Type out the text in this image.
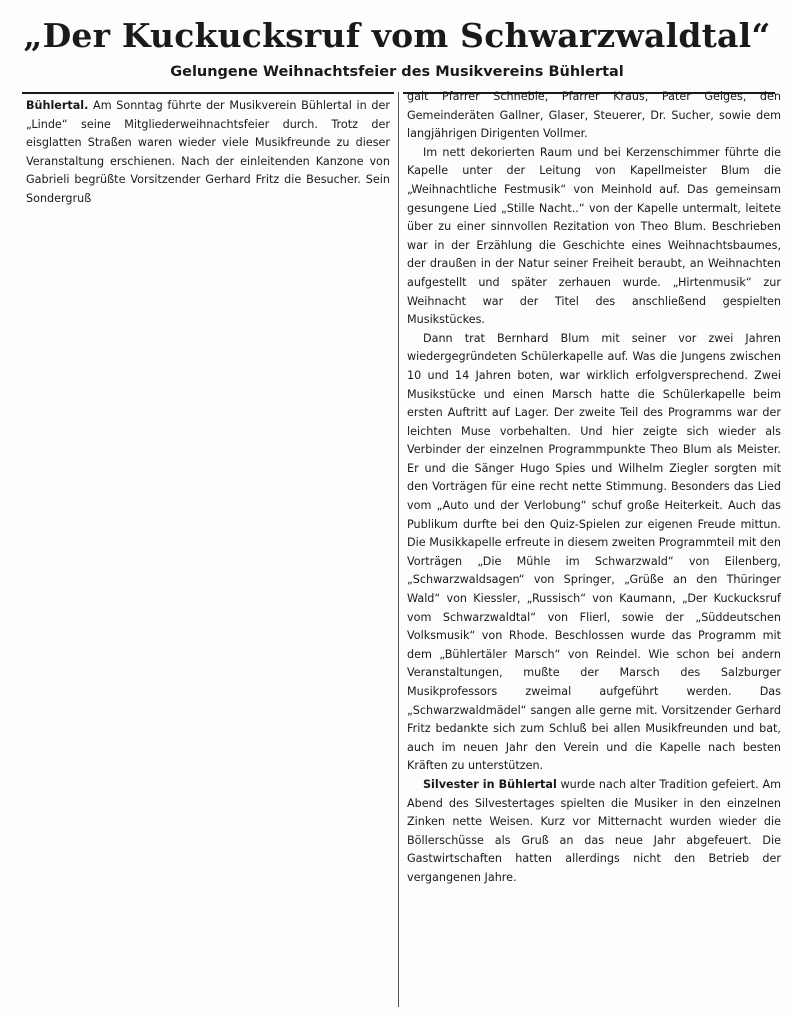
„Der Kuckucksruf vom Schwarzwaldtal“
Gelungene Weihnachtsfeier des Musikvereins Bühlertal

Bühlertal. Am Sonntag führte der Musikverein Bühlertal in der „Linde“ seine Mitgliederweihnachtsfeier durch. Trotz der eisglatten Straßen waren wieder viele Musikfreunde zu dieser Veranstaltung erschienen. Nach der einleitenden Kanzone von Gabrieli begrüßte Vorsitzender Gerhard Fritz die Besucher. Sein Sondergruß

galt Pfarrer Schneble, Pfarrer Kraus, Pater Geiges, den Gemeinderäten Gallner, Glaser, Steuerer, Dr. Sucher, sowie dem langjährigen Dirigenten Vollmer.

Im nett dekorierten Raum und bei Kerzenschimmer führte die Kapelle unter der Leitung von Kapellmeister Blum die „Weihnachtliche Festmusik“ von Meinhold auf. Das gemeinsam gesungene Lied „Stille Nacht..“ von der Kapelle untermalt, leitete über zu einer sinnvollen Rezitation von Theo Blum. Beschrieben war in der Erzählung die Geschichte eines Weihnachtsbaumes, der draußen in der Natur seiner Freiheit beraubt, an Weihnachten aufgestellt und später zerhauen wurde. „Hirtenmusik“ zur Weihnacht war der Titel des anschließend gespielten Musikstückes.

Dann trat Bernhard Blum mit seiner vor zwei Jahren wiedergegründeten Schülerkapelle auf. Was die Jungens zwischen 10 und 14 Jahren boten, war wirklich erfolgversprechend. Zwei Musikstücke und einen Marsch hatte die Schülerkapelle beim ersten Auftritt auf Lager. Der zweite Teil des Programms war der leichten Muse vorbehalten. Und hier zeigte sich wieder als Verbinder der einzelnen Programmpunkte Theo Blum als Meister. Er und die Sänger Hugo Spies und Wilhelm Ziegler sorgten mit den Vorträgen für eine recht nette Stimmung. Besonders das Lied vom „Auto und der Verlobung“ schuf große Heiterkeit. Auch das Publikum durfte bei den Quiz-Spielen zur eigenen Freude mittun. Die Musikkapelle erfreute in diesem zweiten Programmteil mit den Vorträgen „Die Mühle im Schwarzwald“ von Eilenberg, „Schwarzwaldsagen“ von Springer, „Grüße an den Thüringer Wald“ von Kiessler, „Russisch“ von Kaumann, „Der Kuckucksruf vom Schwarzwaldtal“ von Flierl, sowie der „Süddeutschen Volksmusik“ von Rhode. Beschlossen wurde das Programm mit dem „Bühlertäler Marsch“ von Reindel. Wie schon bei andern Veranstaltungen, mußte der Marsch des Salzburger Musikprofessors zweimal aufgeführt werden. Das „Schwarzwaldmädel“ sangen alle gerne mit. Vorsitzender Gerhard Fritz bedankte sich zum Schluß bei allen Musikfreunden und bat, auch im neuen Jahr den Verein und die Kapelle nach besten Kräften zu unterstützen.

Silvester in Bühlertal wurde nach alter Tradition gefeiert. Am Abend des Silvestertages spielten die Musiker in den einzelnen Zinken nette Weisen. Kurz vor Mitternacht wurden wieder die Böllerschüsse als Gruß an das neue Jahr abgefeuert. Die Gastwirtschaften hatten allerdings nicht den Betrieb der vergangenen Jahre.
